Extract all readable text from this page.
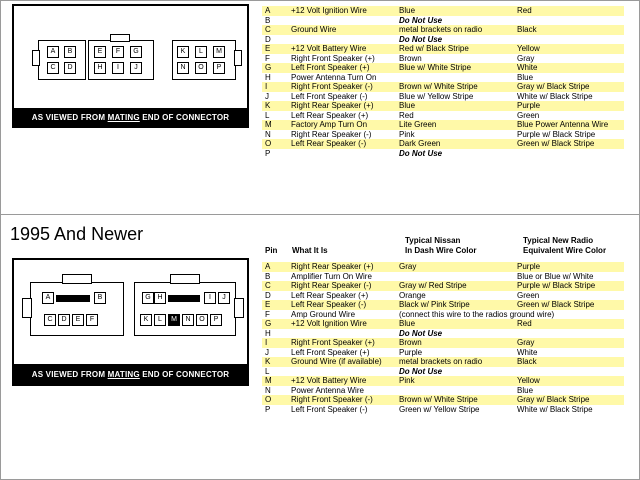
A	B
C	D
E	F	G
H	I	J
K	L	M
N	O	P
AS VIEWED FROM MATING END OF CONNECTOR
A	+12 Volt Ignition Wire	Blue	Red
B		Do Not Use	
C	Ground Wire	metal brackets on radio	Black
D		Do Not Use	
E	+12 Volt Battery Wire	Red w/ Black Stripe	Yellow
F	Right Front Speaker (+)	Brown	Gray
G	Left Front Speaker (+)	Blue w/ White Stripe	White
H	Power Antenna Turn On		Blue
I	Right Front Speaker (-)	Brown w/ White Stripe	Gray w/ Black Stripe
J	Left Front Speaker (-)	Blue w/ Yellow Stripe	White w/ Black Stripe
K	Right Rear Speaker (+)	Blue	Purple
L	Left Rear Speaker (+)	Red	Green
M	Factory Amp Turn On	Lite Green	Blue Power Antenna Wire
N	Right Rear Speaker (-)	Pink	Purple w/ Black Stripe
O	Left Rear Speaker (-)	Dark Green	Green w/ Black Stripe
P		Do Not Use	
1995 And Newer
Pin What It Is
Typical Nissan
In Dash Wire Color
Typical New Radio
Equivalent Wire Color
A	B
C	D	E	F
G H	I	J
K	L	M	N	O	P
AS VIEWED FROM MATING END OF CONNECTOR
A	Right Rear Speaker (+)	Gray	Purple
B	Amplifier Turn On Wire		Blue or Blue w/ White
C	Right Rear Speaker (-)	Gray w/ Red Stripe	Purple w/ Black Stripe
D	Left Rear Speaker (+)	Orange	Green
E	Left Rear Speaker (-)	Black w/ Pink Stripe	Green w/ Black Stripe
F	Amp Ground Wire	(connect this wire to the radios ground wire)	
G	+12 Volt Ignition Wire	Blue	Red
H		Do Not Use	
I	Right Front Speaker (+)	Brown	Gray
J	Left Front Speaker (+)	Purple	White
K	Ground Wire (if available)	metal brackets on radio	Black
L		Do Not Use	
M	+12 Volt Battery Wire	Pink	Yellow
N	Power Antenna Wire		Blue
O	Right Front Speaker (-)	Brown w/ White Stripe	Gray w/ Black Stripe
P	Left Front Speaker (-)	Green w/ Yellow Stripe	White w/ Black Stripe
